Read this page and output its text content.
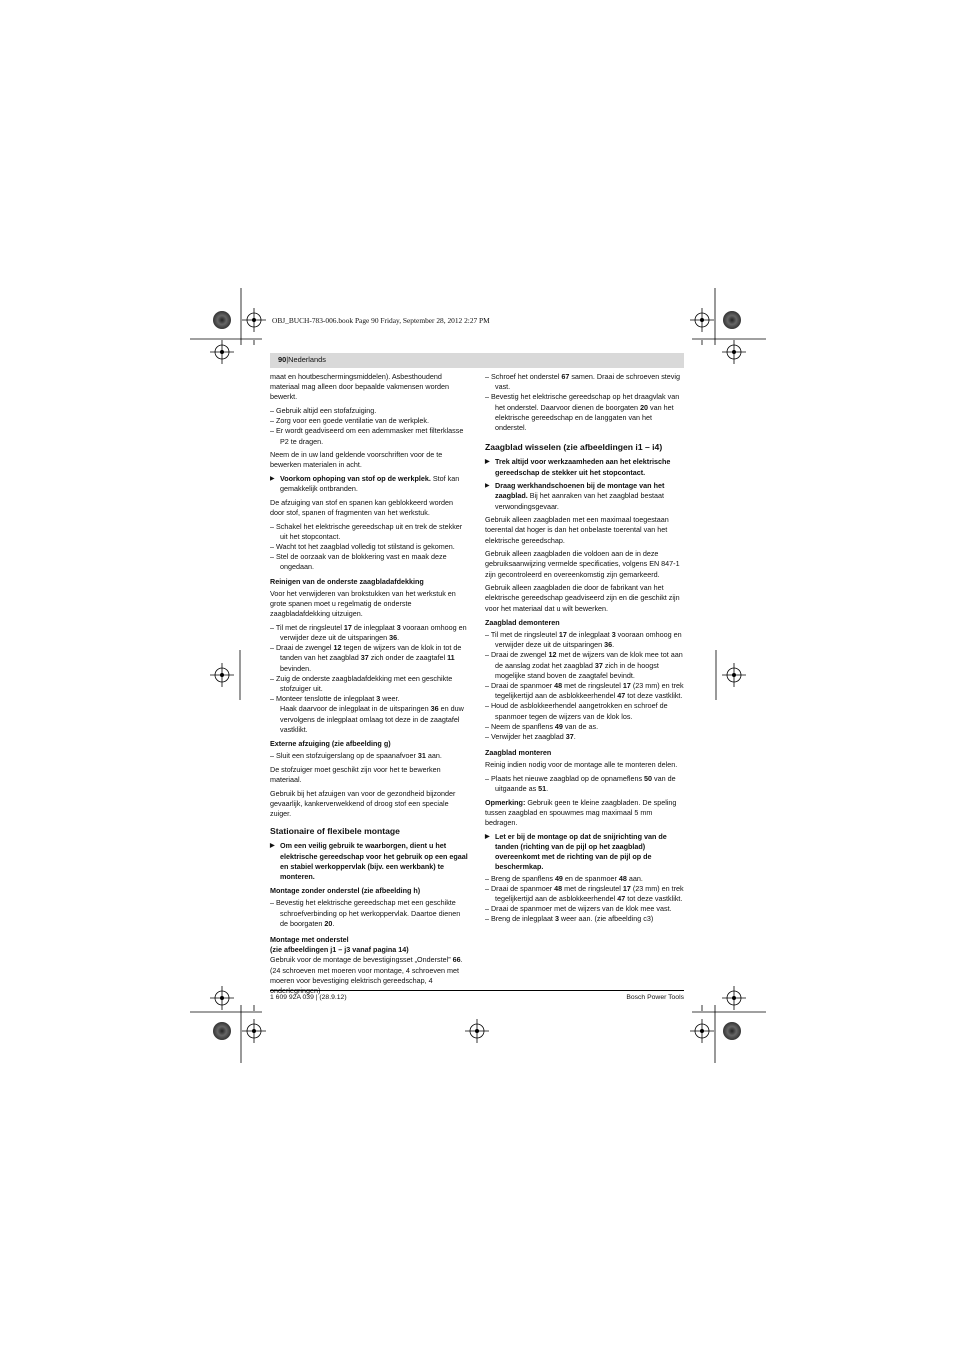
OBJ_BUCH-783-006.book Page 90 Friday, September 28, 2012 2:27 PM
90|Nederlands

maat en houtbeschermingsmiddelen). Asbesthoudend materiaal mag alleen door bepaalde vakmensen worden bewerkt.

– Gebruik altijd een stofafzuiging.

– Zorg voor een goede ventilatie van de werkplek.

– Er wordt geadviseerd om een ademmasker met filterklasse P2 te dragen.

Neem de in uw land geldende voorschriften voor de te bewerken materialen in acht.

▶ Voorkom ophoping van stof op de werkplek. Stof kan gemakkelijk ontbranden.

De afzuiging van stof en spanen kan geblokkeerd worden door stof, spanen of fragmenten van het werkstuk.

– Schakel het elektrische gereedschap uit en trek de stekker uit het stopcontact.

– Wacht tot het zaagblad volledig tot stilstand is gekomen.

– Stel de oorzaak van de blokkering vast en maak deze ongedaan.

Reinigen van de onderste zaagbladafdekking

Voor het verwijderen van brokstukken van het werkstuk en grote spanen moet u regelmatig de onderste zaagbladafdekking uitzuigen.

– Til met de ringsleutel 17 de inlegplaat 3 vooraan omhoog en verwijder deze uit de uitsparingen 36.

– Draai de zwengel 12 tegen de wijzers van de klok in tot de tanden van het zaagblad 37 zich onder de zaagtafel 11 bevinden.

– Zuig de onderste zaagbladafdekking met een geschikte stofzuiger uit.

– Monteer tenslotte de inlegplaat 3 weer.

Haak daarvoor de inlegplaat in de uitsparingen 36 en duw vervolgens de inlegplaat omlaag tot deze in de zaagtafel vastklikt.

Externe afzuiging (zie afbeelding g)

– Sluit een stofzuigerslang op de spaanafvoer 31 aan.

De stofzuiger moet geschikt zijn voor het te bewerken materiaal.

Gebruik bij het afzuigen van voor de gezondheid bijzonder gevaarlijk, kankerverwekkend of droog stof een speciale zuiger.

Stationaire of flexibele montage

▶ Om een veilig gebruik te waarborgen, dient u het elektrische gereedschap voor het gebruik op een egaal en stabiel werkoppervlak (bijv. een werkbank) te monteren.

Montage zonder onderstel (zie afbeelding h)

– Bevestig het elektrische gereedschap met een geschikte schroefverbinding op het werkoppervlak. Daartoe dienen de boorgaten 20.

Montage met onderstel
(zie afbeeldingen j1 – j3 vanaf pagina 14)

Gebruik voor de montage de bevestigingsset „Onderstel” 66. (24 schroeven met moeren voor montage, 4 schroeven met moeren voor bevestiging elektrisch gereedschap, 4 onderlegringen)

– Schroef het onderstel 67 samen. Draai de schroeven stevig vast.

– Bevestig het elektrische gereedschap op het draagvlak van het onderstel. Daarvoor dienen de boorgaten 20 van het elektrische gereedschap en de langgaten van het onderstel.

Zaagblad wisselen (zie afbeeldingen i1 – i4)

▶ Trek altijd voor werkzaamheden aan het elektrische gereedschap de stekker uit het stopcontact.

▶ Draag werkhandschoenen bij de montage van het zaagblad. Bij het aanraken van het zaagblad bestaat verwondingsgevaar.

Gebruik alleen zaagbladen met een maximaal toegestaan toerental dat hoger is dan het onbelaste toerental van het elektrische gereedschap.

Gebruik alleen zaagbladen die voldoen aan de in deze gebruiksaanwijzing vermelde specificaties, volgens EN 847-1 zijn gecontroleerd en overeenkomstig zijn gemarkeerd.

Gebruik alleen zaagbladen die door de fabrikant van het elektrische gereedschap geadviseerd zijn en die geschikt zijn voor het materiaal dat u wilt bewerken.

Zaagblad demonteren

– Til met de ringsleutel 17 de inlegplaat 3 vooraan omhoog en verwijder deze uit de uitsparingen 36.

– Draai de zwengel 12 met de wijzers van de klok mee tot aan de aanslag zodat het zaagblad 37 zich in de hoogst mogelijke stand boven de zaagtafel bevindt.

– Draai de spanmoer 48 met de ringsleutel 17 (23 mm) en trek tegelijkertijd aan de asblokkeerhendel 47 tot deze vastklikt.

– Houd de asblokkeerhendel aangetrokken en schroef de spanmoer tegen de wijzers van de klok los.

– Neem de spanflens 49 van de as.

– Verwijder het zaagblad 37.

Zaagblad monteren

Reinig indien nodig voor de montage alle te monteren delen.

– Plaats het nieuwe zaagblad op de opnameflens 50 van de uitgaande as 51.

Opmerking: Gebruik geen te kleine zaagbladen. De speling tussen zaagblad en spouwmes mag maximaal 5 mm bedragen.

▶ Let er bij de montage op dat de snijrichting van de tanden (richting van de pijl op het zaagblad) overeenkomt met de richting van de pijl op de beschermkap.

– Breng de spanflens 49 en de spanmoer 48 aan.

– Draai de spanmoer 48 met de ringsleutel 17 (23 mm) en trek tegelijkertijd aan de asblokkeerhendel 47 tot deze vastklikt.

– Draai de spanmoer met de wijzers van de klok mee vast.

– Breng de inlegplaat 3 weer aan. (zie afbeelding c3)

1 609 92A 039 | (28.9.12)	Bosch Power Tools
